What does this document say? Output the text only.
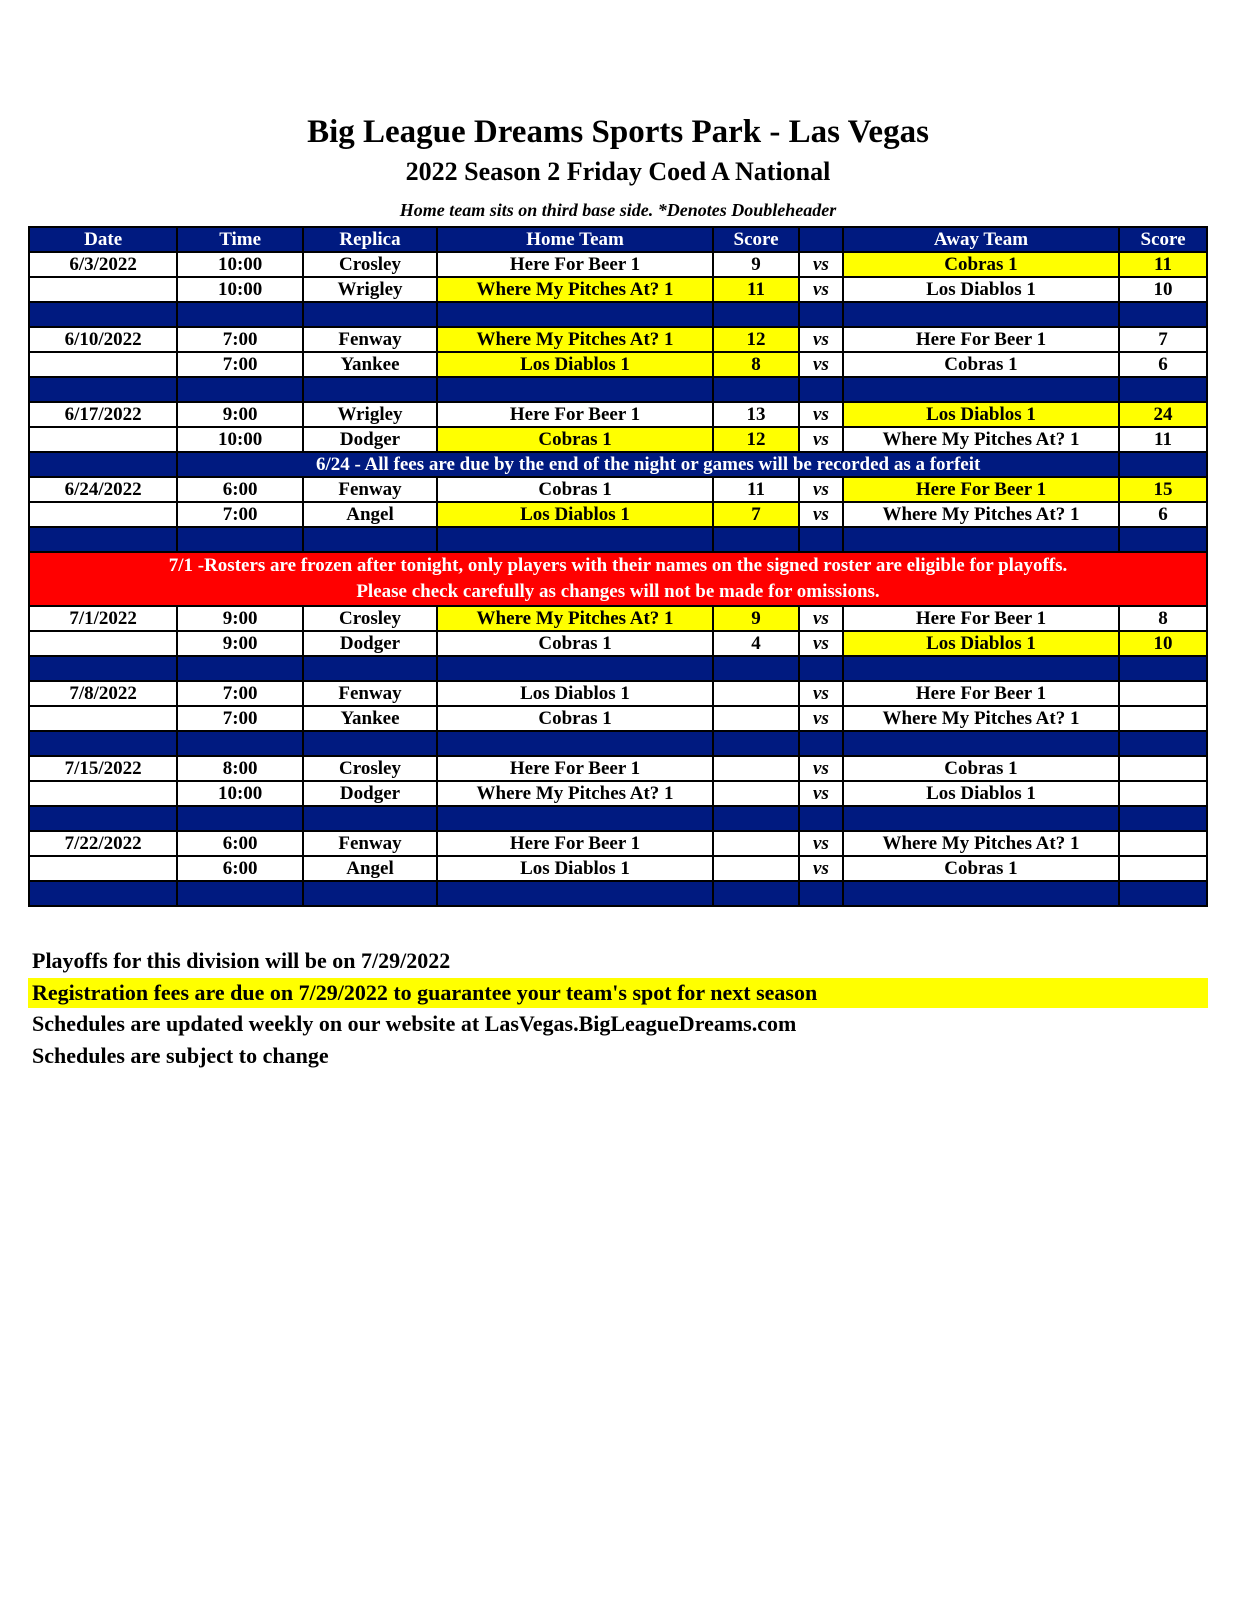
Big League Dreams Sports Park - Las Vegas
2022 Season 2 Friday Coed A National
Home team sits on third base side. *Denotes Doubleheader
Date	Time	Replica	Home Team	Score		Away Team	Score
6/3/2022	10:00	Crosley	Here For Beer 1	9	vs	Cobras 1	11
	10:00	Wrigley	Where My Pitches At? 1	11	vs	Los Diablos 1	10

6/10/2022	7:00	Fenway	Where My Pitches At? 1	12	vs	Here For Beer 1	7
	7:00	Yankee	Los Diablos 1	8	vs	Cobras 1	6

6/17/2022	9:00	Wrigley	Here For Beer 1	13	vs	Los Diablos 1	24
	10:00	Dodger	Cobras 1	12	vs	Where My Pitches At? 1	11
	6/24 - All fees are due by the end of the night or games will be recorded as a forfeit						
6/24/2022	6:00	Fenway	Cobras 1	11	vs	Here For Beer 1	15
	7:00	Angel	Los Diablos 1	7	vs	Where My Pitches At? 1	6

7/1 -Rosters are frozen after tonight, only players with their names on the signed roster are eligible for playoffs.
Please check carefully as changes will not be made for omissions.							

7/1/2022	9:00	Crosley	Where My Pitches At? 1	9	vs	Here For Beer 1	8
	9:00	Dodger	Cobras 1	4	vs	Los Diablos 1	10

7/8/2022	7:00	Fenway	Los Diablos 1		vs	Here For Beer 1	
	7:00	Yankee	Cobras 1		vs	Where My Pitches At? 1	

7/15/2022	8:00	Crosley	Here For Beer 1		vs	Cobras 1	
	10:00	Dodger	Where My Pitches At? 1		vs	Los Diablos 1	

7/22/2022	6:00	Fenway	Here For Beer 1		vs	Where My Pitches At? 1	
	6:00	Angel	Los Diablos 1		vs	Cobras 1	

Playoffs for this division will be on 7/29/2022
Registration fees are due on 7/29/2022 to guarantee your team's spot for next season
Schedules are updated weekly on our website at LasVegas.BigLeagueDreams.com
Schedules are subject to change
